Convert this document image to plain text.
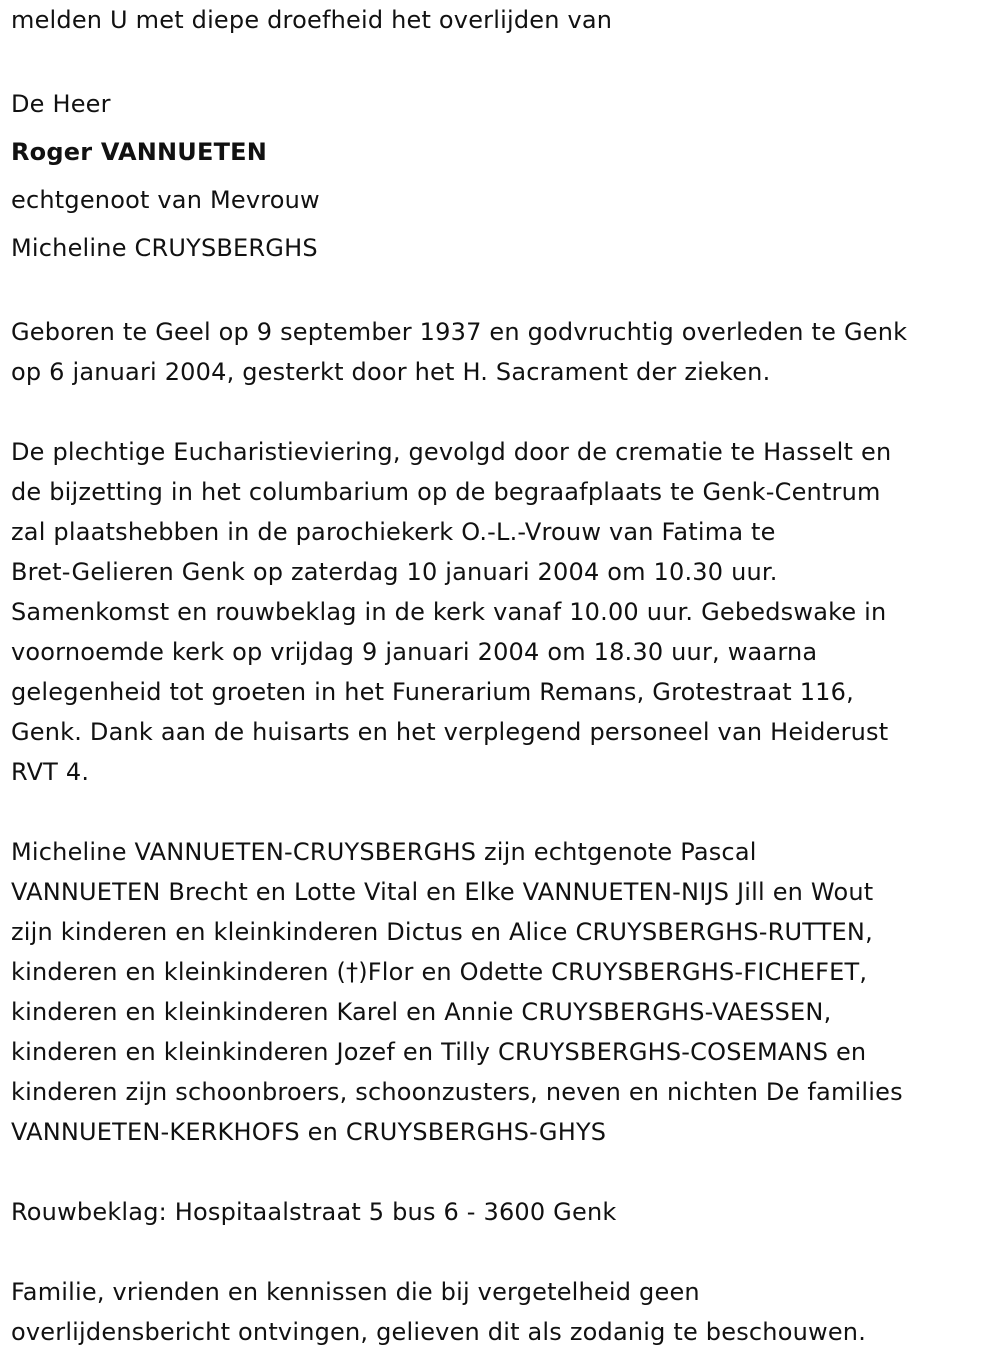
melden U met diepe droefheid het overlijden van
De Heer
Roger VANNUETEN
echtgenoot van Mevrouw
Micheline CRUYSBERGHS
Geboren te Geel op 9 september 1937 en godvruchtig overleden te Genk
op 6 januari 2004, gesterkt door het H. Sacrament der zieken.
De plechtige Eucharistieviering, gevolgd door de crematie te Hasselt en
de bijzetting in het columbarium op de begraafplaats te Genk-Centrum
zal plaatshebben in de parochiekerk O.-L.-Vrouw van Fatima te
Bret-Gelieren Genk op zaterdag 10 januari 2004 om 10.30 uur.
Samenkomst en rouwbeklag in de kerk vanaf 10.00 uur. Gebedswake in
voornoemde kerk op vrijdag 9 januari 2004 om 18.30 uur, waarna
gelegenheid tot groeten in het Funerarium Remans, Grotestraat 116,
Genk. Dank aan de huisarts en het verplegend personeel van Heiderust
RVT 4.
Micheline VANNUETEN-CRUYSBERGHS zijn echtgenote Pascal
VANNUETEN Brecht en Lotte Vital en Elke VANNUETEN-NIJS Jill en Wout
zijn kinderen en kleinkinderen Dictus en Alice CRUYSBERGHS-RUTTEN,
kinderen en kleinkinderen (†)Flor en Odette CRUYSBERGHS-FICHEFET,
kinderen en kleinkinderen Karel en Annie CRUYSBERGHS-VAESSEN,
kinderen en kleinkinderen Jozef en Tilly CRUYSBERGHS-COSEMANS en
kinderen zijn schoonbroers, schoonzusters, neven en nichten De families
VANNUETEN-KERKHOFS en CRUYSBERGHS-GHYS
Rouwbeklag: Hospitaalstraat 5 bus 6 - 3600 Genk
Familie, vrienden en kennissen die bij vergetelheid geen
overlijdensbericht ontvingen, gelieven dit als zodanig te beschouwen.
